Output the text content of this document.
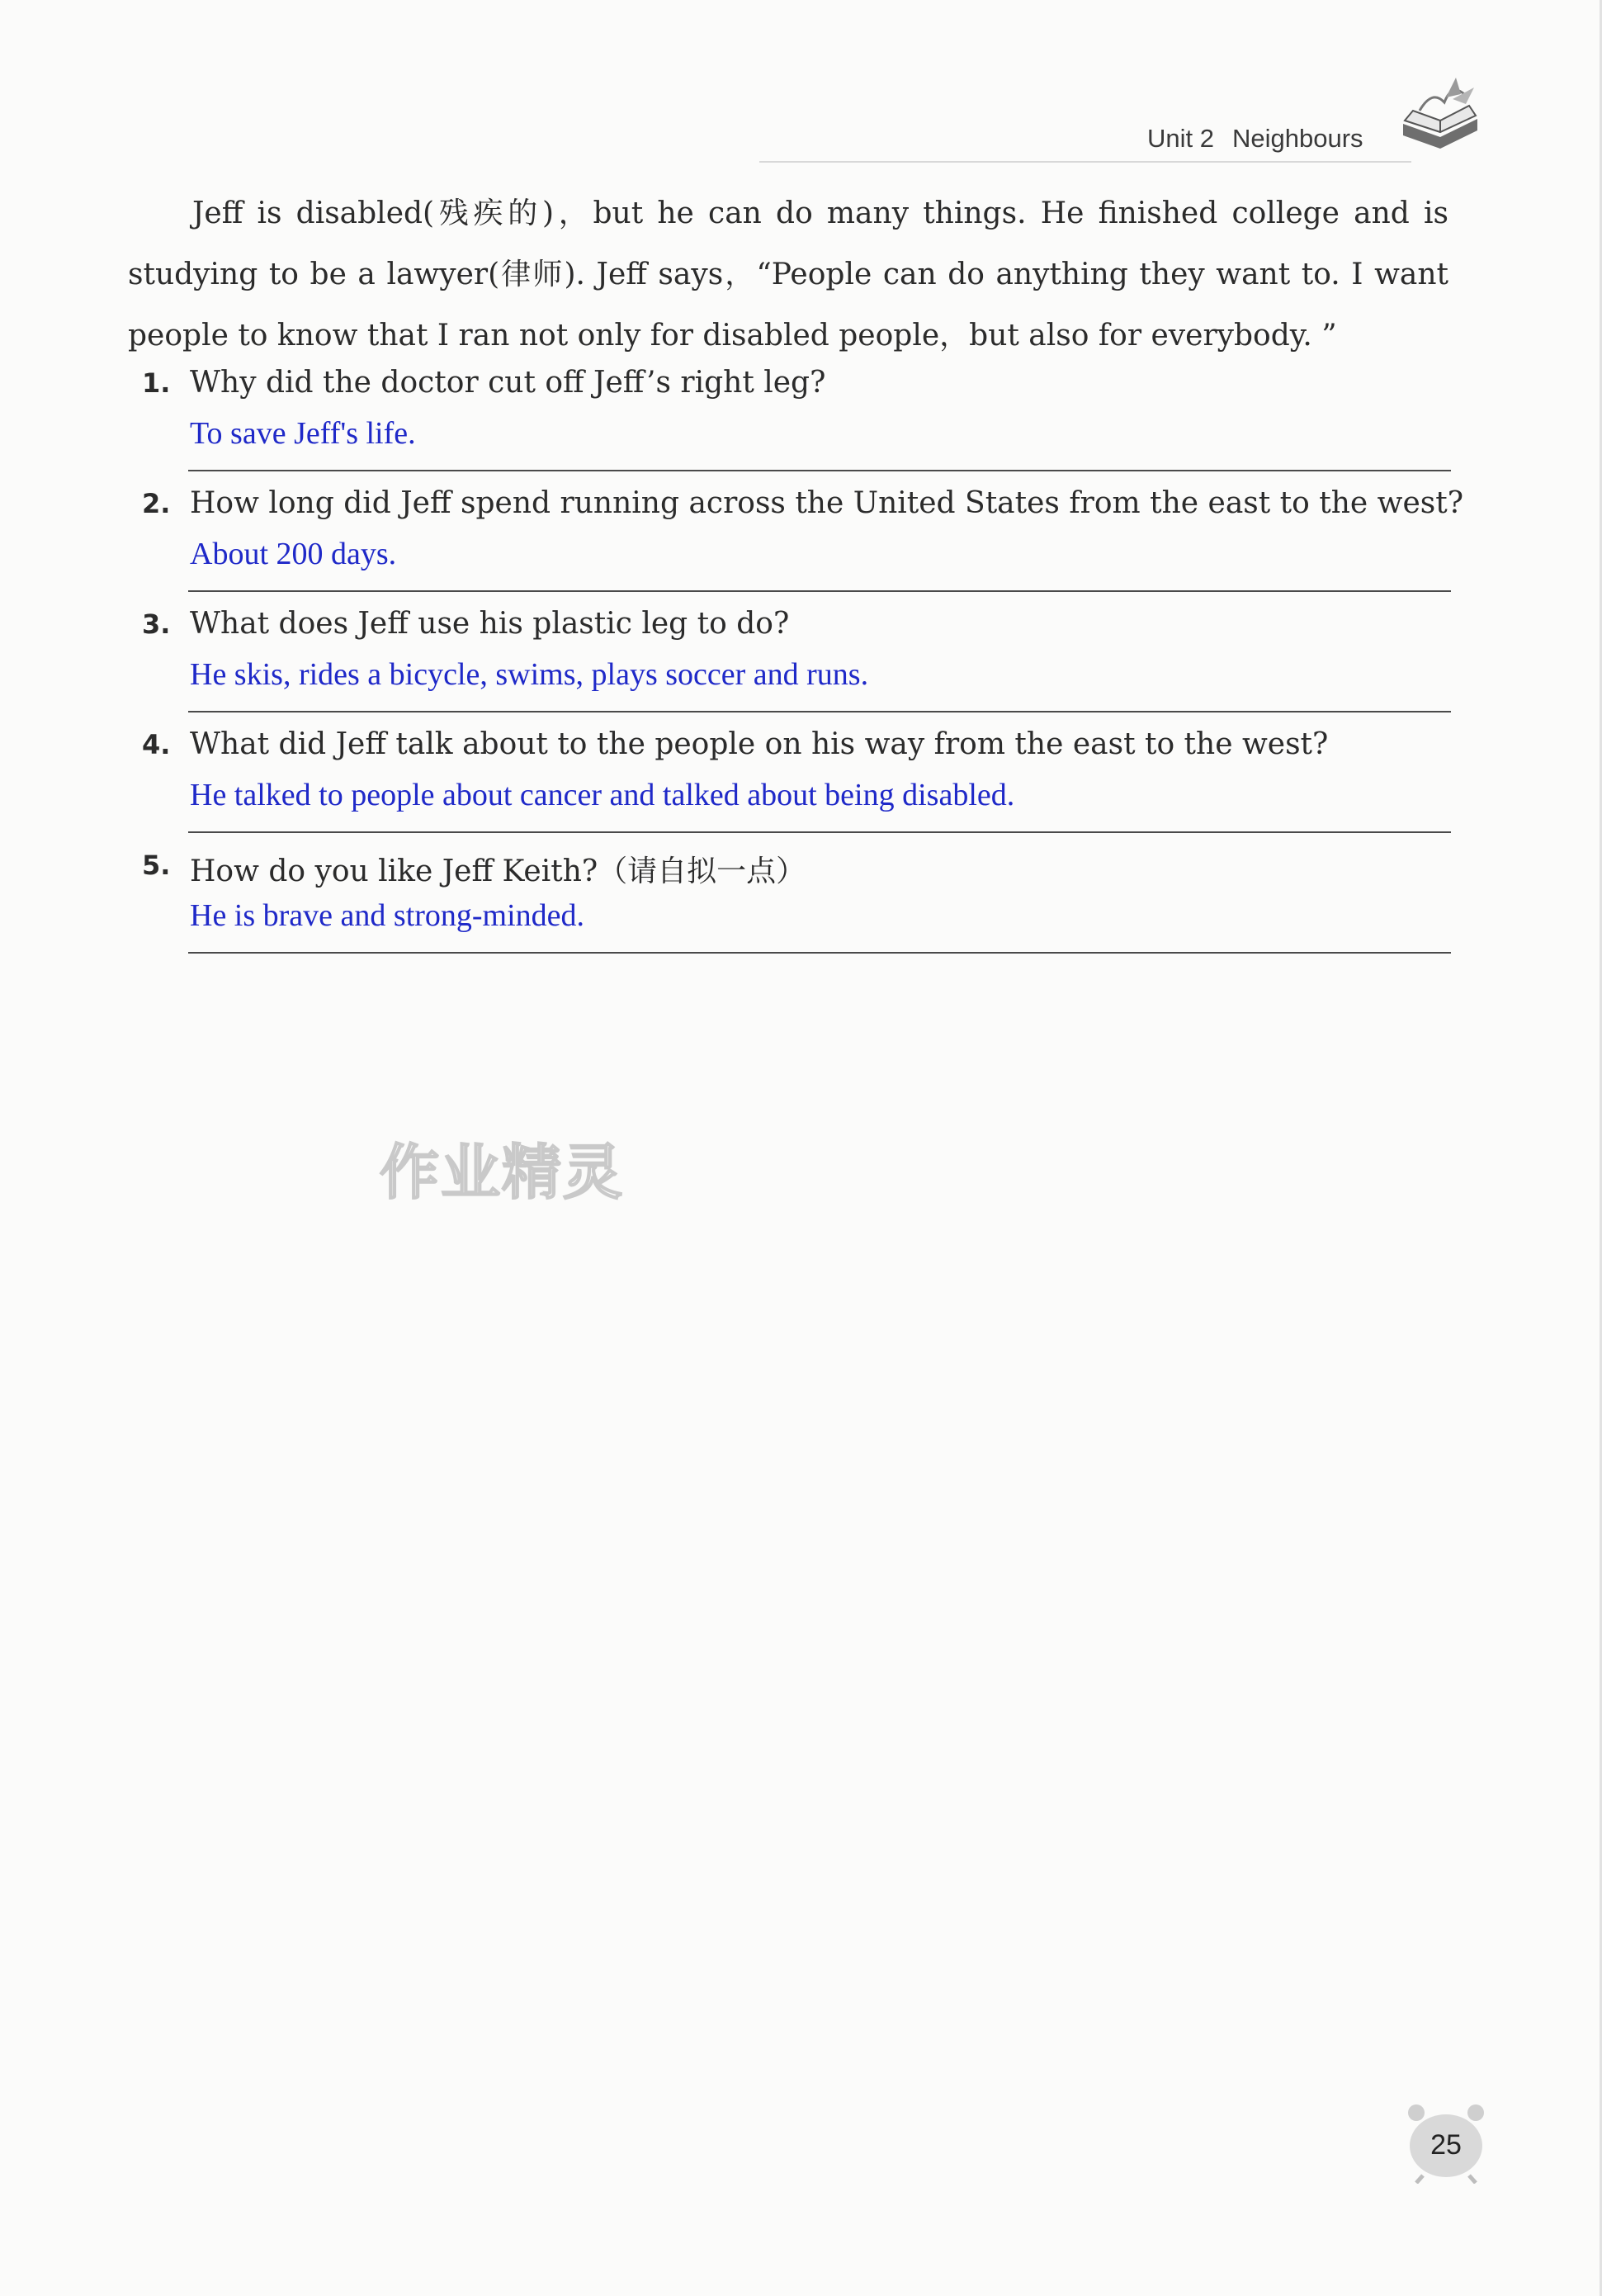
Unit 2 Neighbours

Jeff is disabled(残疾的)，but he can do many things. He finished college and is studying to be a lawyer(律师). Jeff says，“People can do anything they want to. I want people to know that I ran not only for disabled people，but also for everybody. ”

1. Why did the doctor cut off Jeff’s right leg?
To save Jeff's life.
2. How long did Jeff spend running across the United States from the east to the west?
About 200 days.
3. What does Jeff use his plastic leg to do?
He skis, rides a bicycle, swims, plays soccer and runs.
4. What did Jeff talk about to the people on his way from the east to the west?
He talked to people about cancer and talked about being disabled.
5. How do you like Jeff Keith?（请自拟一点）
He is brave and strong-minded.
作业精灵
25
